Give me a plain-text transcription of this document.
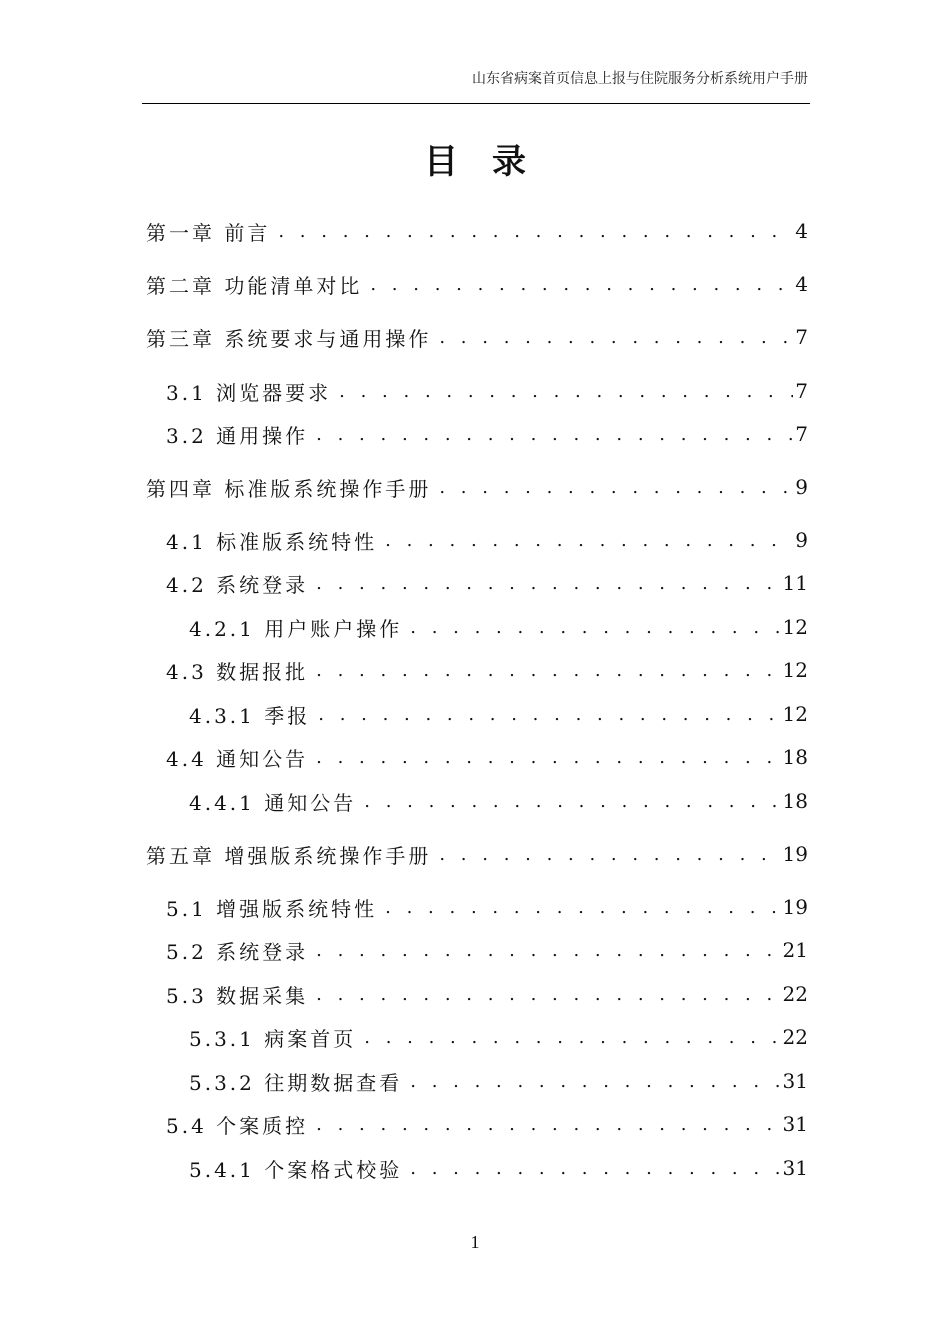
山东省病案首页信息上报与住院服务分析系统用户手册
目录
第一章 前言 . . .	4
第二章 功能清单对比 . . .	4
第三章 系统要求与通用操作 . . .	7
3.1 浏览器要求 . . .	7
3.2 通用操作 . . .	7
第四章 标准版系统操作手册 . . .	9
4.1 标准版系统特性 . . .	9
4.2 系统登录 . . .	11
4.2.1 用户账户操作 . . .	12
4.3 数据报批 . . .	12
4.3.1 季报 . . .	12
4.4 通知公告 . . .	18
4.4.1 通知公告 . . .	18
第五章 增强版系统操作手册 . . .	19
5.1 增强版系统特性 . . .	19
5.2 系统登录 . . .	21
5.3 数据采集 . . .	22
5.3.1 病案首页 . . .	22
5.3.2 往期数据查看 . . .	31
5.4 个案质控 . . .	31
5.4.1 个案格式校验 . . .	31
1
